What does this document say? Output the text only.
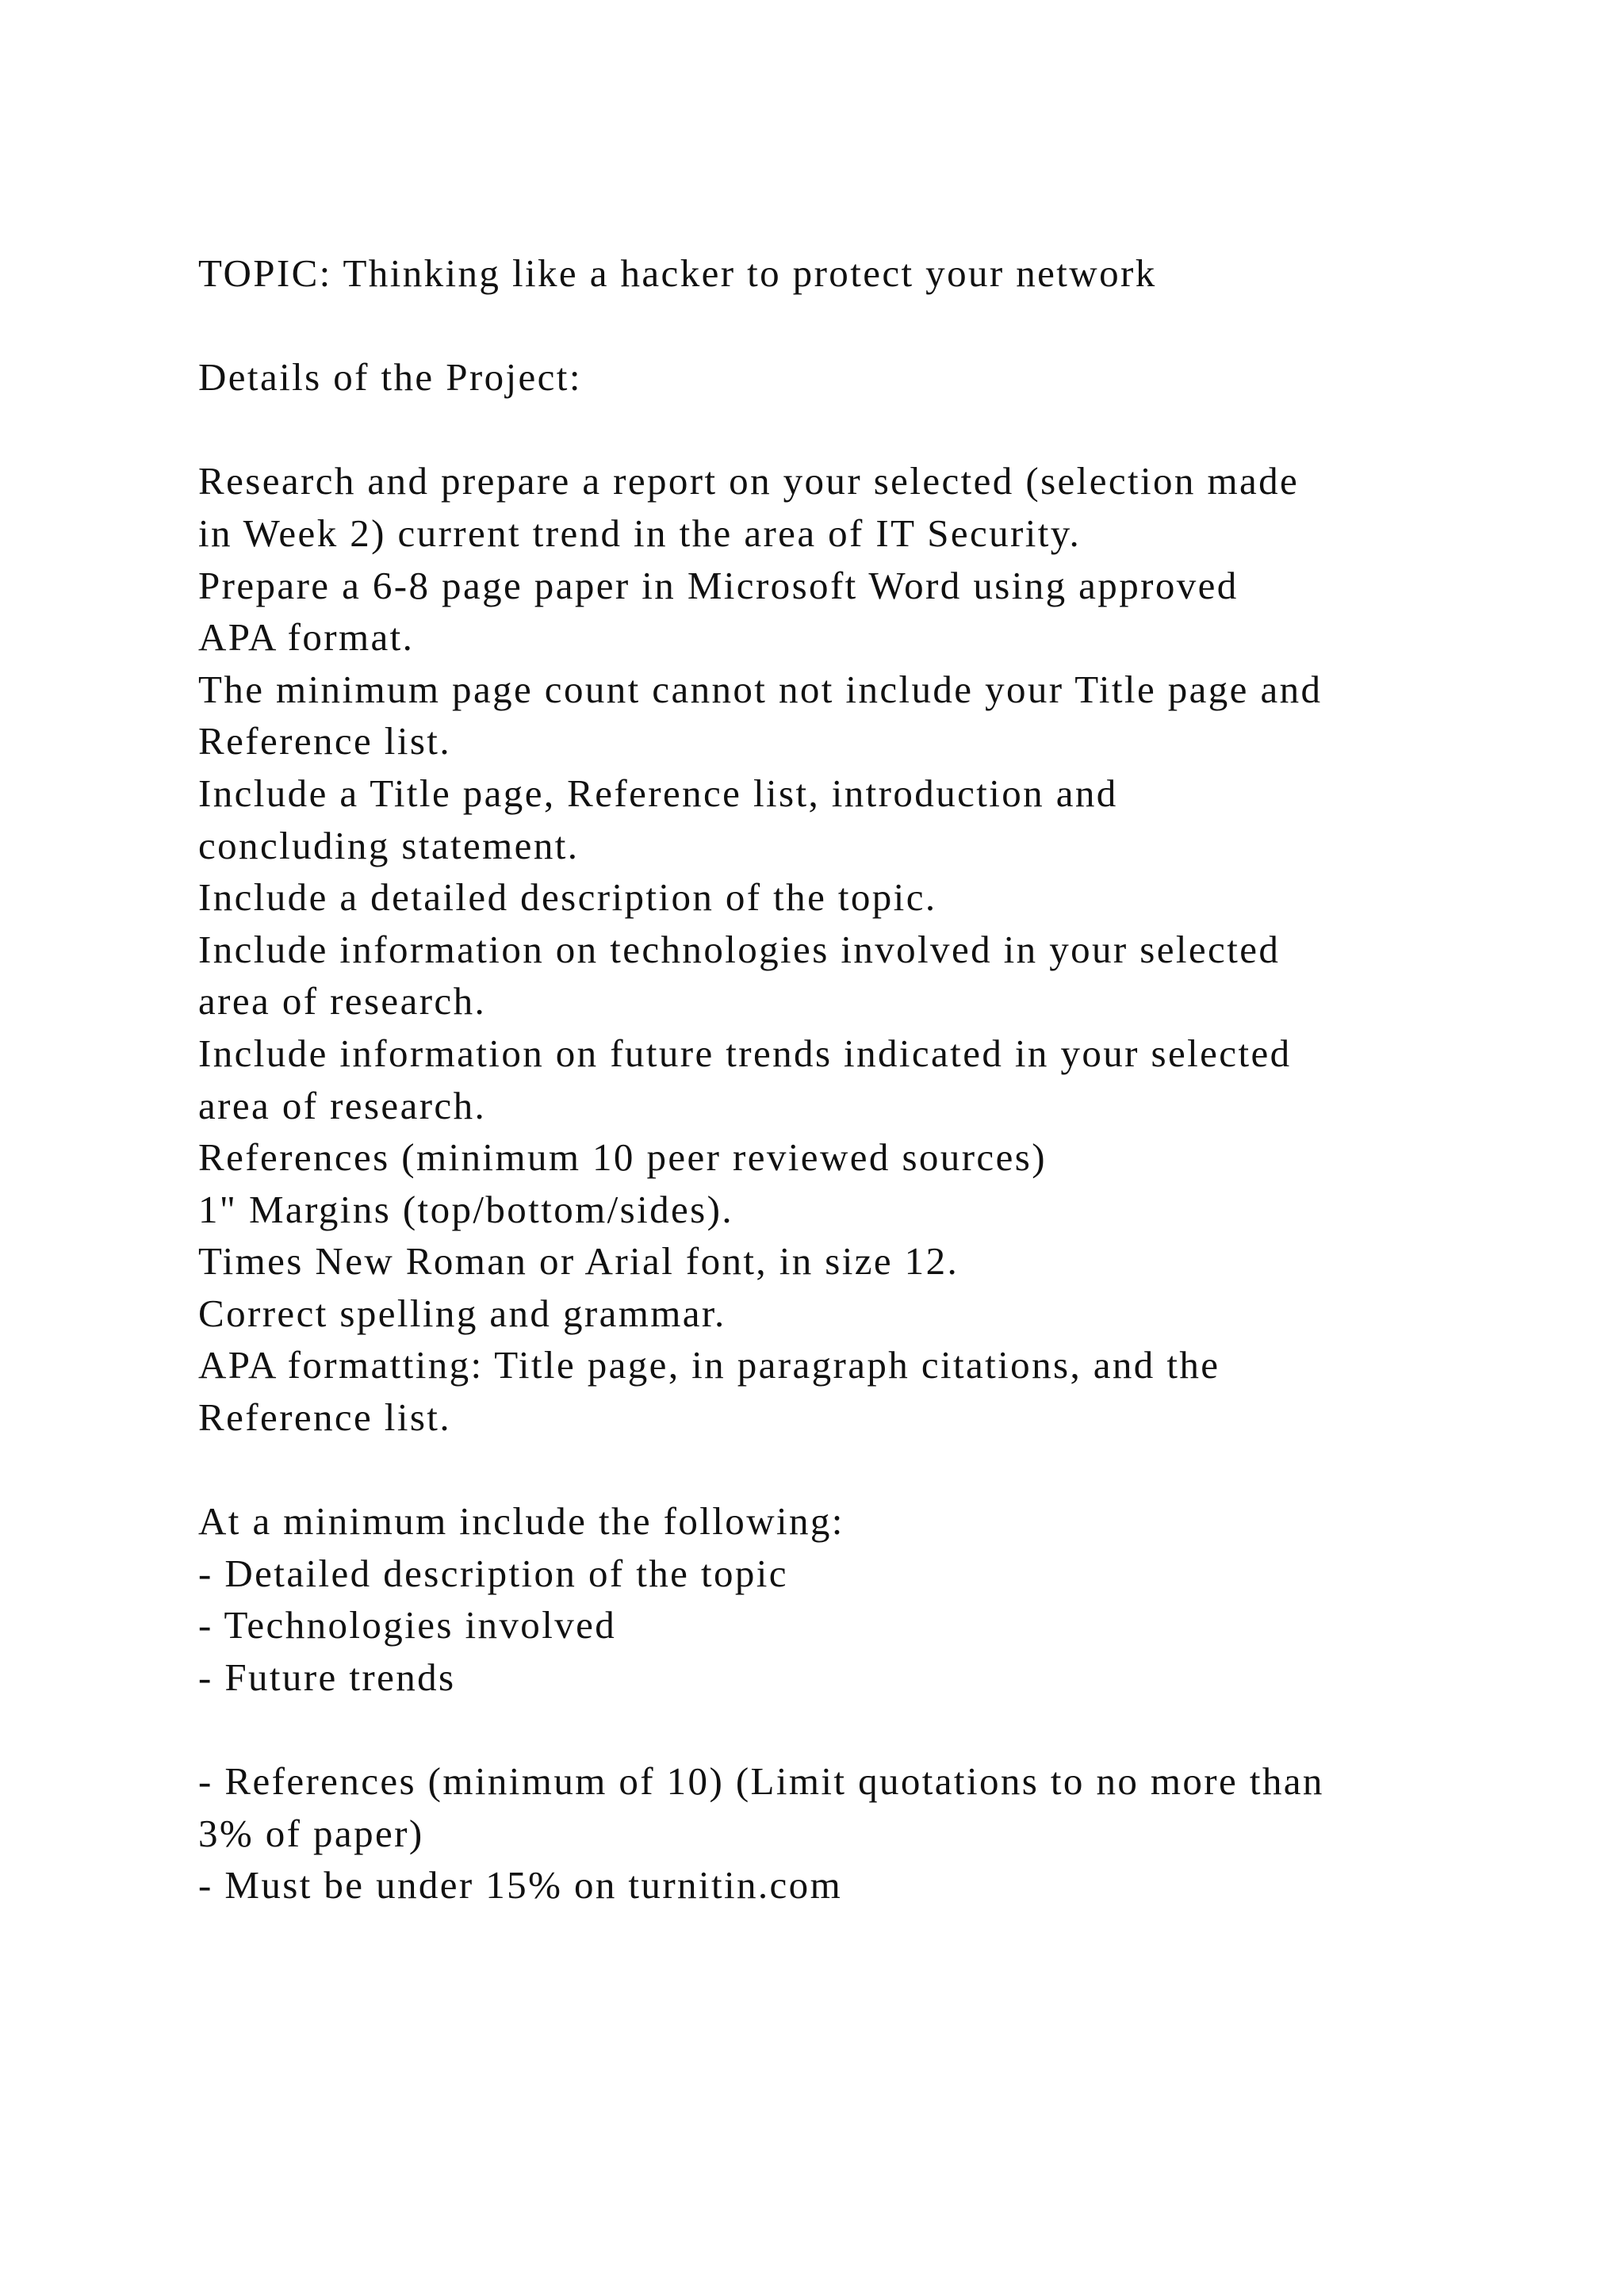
TOPIC: Thinking like a hacker to protect your network
Details of the Project:
Research and prepare a report on your selected (selection made
in Week 2) current trend in the area of IT Security.
Prepare a 6-8 page paper in Microsoft Word using approved
APA format.
The minimum page count cannot not include your Title page and
Reference list.
Include a Title page, Reference list, introduction and
concluding statement.
Include a detailed description of the topic.
Include information on technologies involved in your selected
area of research.
Include information on future trends indicated in your selected
area of research.
References (minimum 10 peer reviewed sources)
1" Margins (top/bottom/sides).
Times New Roman or Arial font, in size 12.
Correct spelling and grammar.
APA formatting: Title page, in paragraph citations, and the
Reference list.
At a minimum include the following:
- Detailed description of the topic
- Technologies involved
- Future trends
- References (minimum of 10) (Limit quotations to no more than
3% of paper)
- Must be under 15% on turnitin.com
